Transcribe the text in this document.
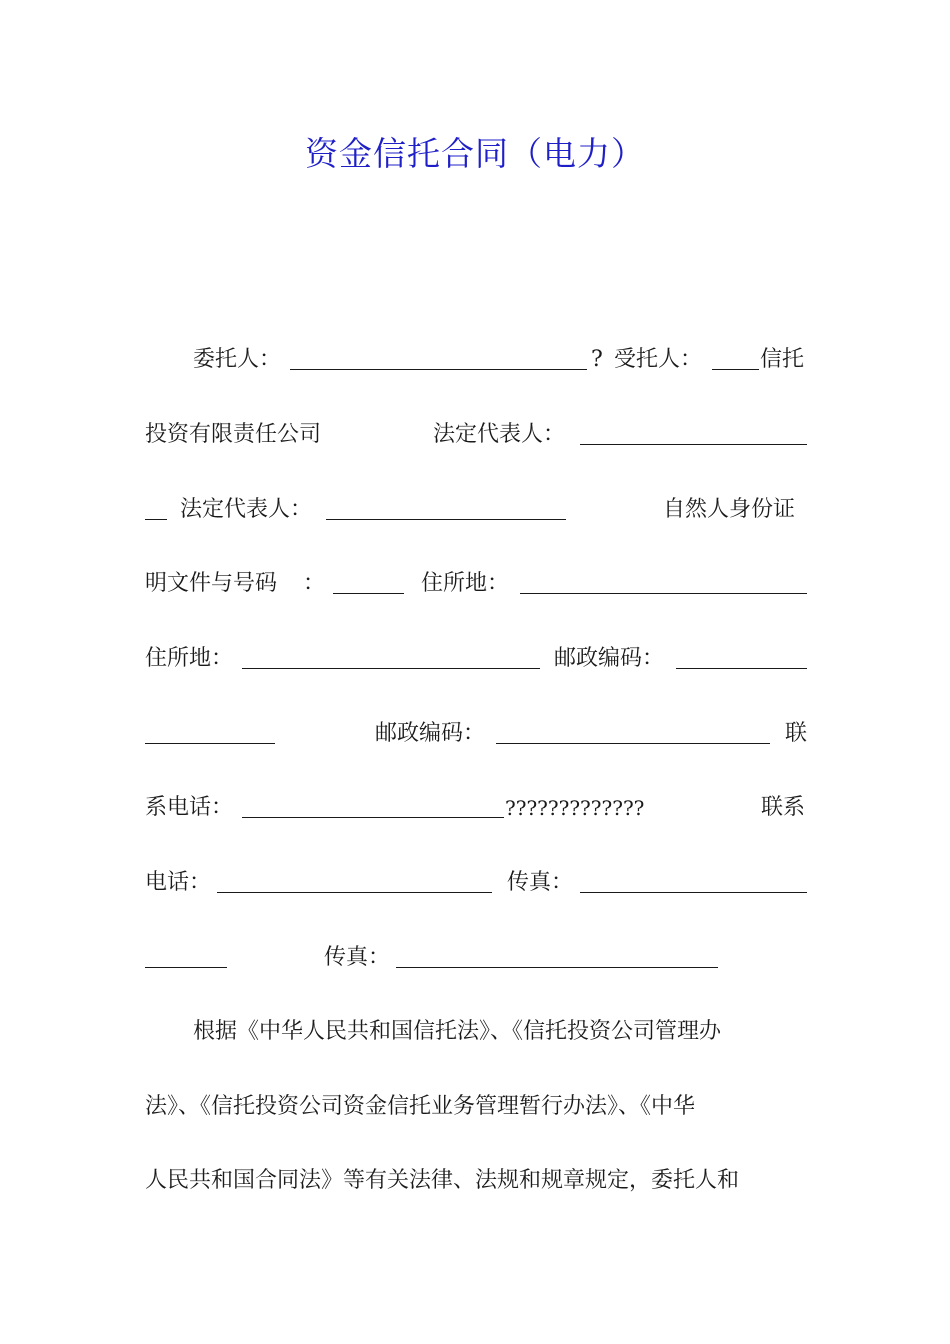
资金信托合同（电力）
委托人：	? 受托人：	信托
投资有限责任公司	法定代表人：
法定代表人：	自然人身份证
明文件与号码 ：	住所地：
住所地：	邮政编码：
邮政编码：	联
系电话：	?????????????	联系
电话：	传真：
传真：
根据《中华人民共和国信托法》、《信托投资公司管理办
法》、《信托投资公司资金信托业务管理暂行办法》、《中华
人民共和国合同法》等有关法律、法规和规章规定，委托人和
